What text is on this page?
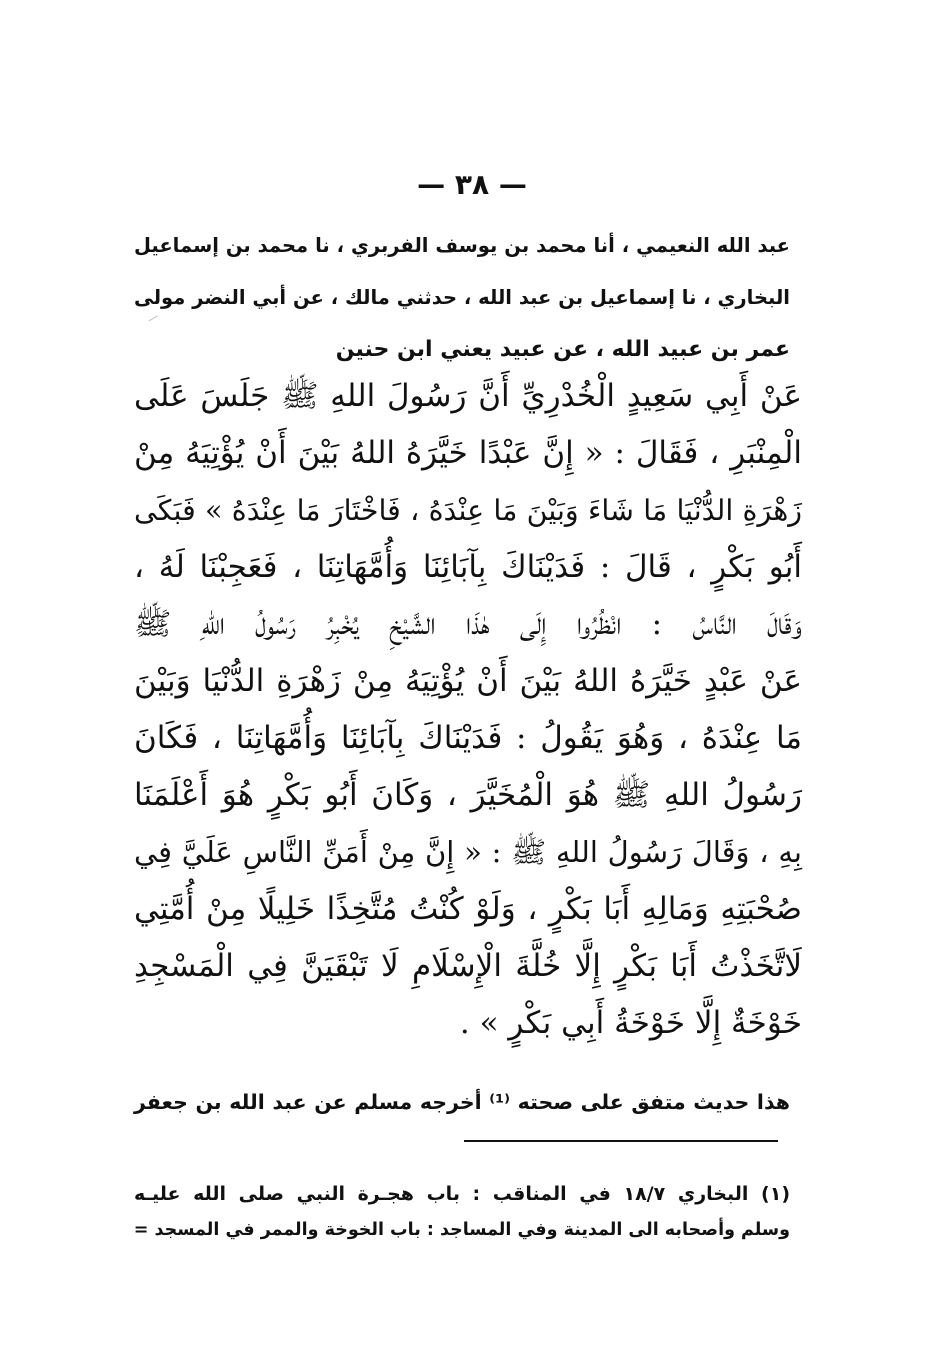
— ٣٨ —
عبد الله النعيمي ، أنا محمد بن يوسف الفربري ، نا محمد بن إسماعيل
البخاري ، نا إسماعيل بن عبد الله ، حدثني مالك ، عن أبي النضر مولى
عمر بن عبيد الله ، عن عبيد يعني ابن حنين
عَنْ أَبِي سَعِيدٍ الْخُدْرِيِّ أَنَّ رَسُولَ اللهِ ﷺ جَلَسَ عَلَى
الْمِنْبَرِ ، فَقَالَ : « إِنَّ عَبْدًا خَيَّرَهُ اللهُ بَيْنَ أَنْ يُؤْتِيَهُ مِنْ
زَهْرَةِ الدُّنْيَا مَا شَاءَ وَبَيْنَ مَا عِنْدَهُ ، فَاخْتَارَ مَا عِنْدَهُ » فَبَكَى
أَبُو بَكْرٍ ، قَالَ : فَدَيْنَاكَ بِآبَائِنَا وَأُمَّهَاتِنَا ، فَعَجِبْنَا لَهُ ،
وَقَالَ النَّاسُ : انْظُرُوا إِلَى هٰذَا الشَّيْخِ يُخْبِرُ رَسُولُ اللهِ ﷺ
عَنْ عَبْدٍ خَيَّرَهُ اللهُ بَيْنَ أَنْ يُؤْتِيَهُ مِنْ زَهْرَةِ الدُّنْيَا وَبَيْنَ
مَا عِنْدَهُ ، وَهُوَ يَقُولُ : فَدَيْنَاكَ بِآبَائِنَا وَأُمَّهَاتِنَا ، فَكَانَ
رَسُولُ اللهِ ﷺ هُوَ الْمُخَيَّرَ ، وَكَانَ أَبُو بَكْرٍ هُوَ أَعْلَمَنَا
بِهِ ، وَقَالَ رَسُولُ اللهِ ﷺ : « إِنَّ مِنْ أَمَنِّ النَّاسِ عَلَيَّ فِي
صُحْبَتِهِ وَمَالِهِ أَبَا بَكْرٍ ، وَلَوْ كُنْتُ مُتَّخِذًا خَلِيلًا مِنْ أُمَّتِي
لَاتَّخَذْتُ أَبَا بَكْرٍ إِلَّا خُلَّةَ الْإِسْلَامِ لَا تَبْقَيَنَّ فِي الْمَسْجِدِ
خَوْخَةٌ إِلَّا خَوْخَةُ أَبِي بَكْرٍ » .
هذا حديث متفق على صحته ⁽¹⁾ أخرجه مسلم عن عبد الله بن جعفر
(١) البخاري ١٨/٧ في المناقب : باب هجـرة النبي صلى الله عليـه
وسلم وأصحابه الى المدينة وفي المساجد : باب الخوخة والممر في المسجد =
